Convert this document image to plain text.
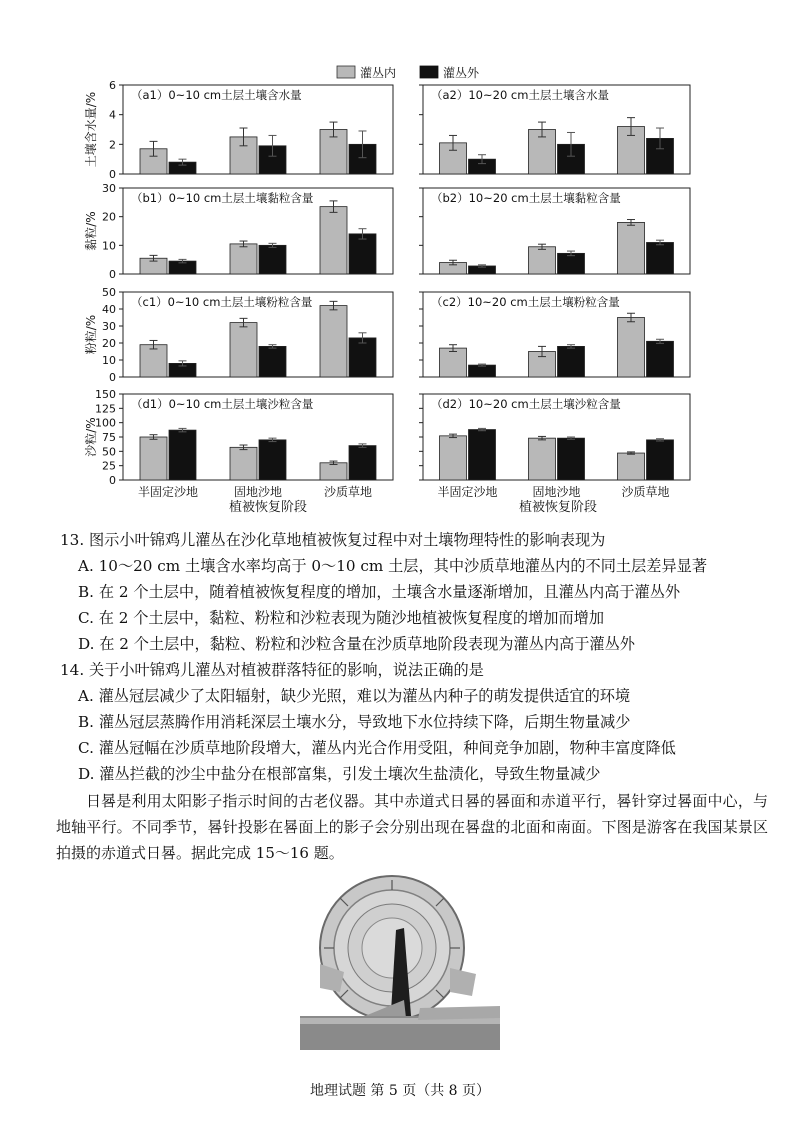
灌丛内	灌丛外
0
2
4
6
（a1）0~10 cm土层土壤含水量
土壤含水量/%	（a2）10~20 cm土层土壤含水量
0
10
20
30
（b1）0~10 cm土层土壤黏粒含量
黏粒/%
（b2）10~20 cm土层土壤黏粒含量
0
10
20
30
40
50
（c1）0~10 cm土层土壤粉粒含量
粉粒/%
（c2）10~20 cm土层土壤粉粒含量
0
25
50
75
100
125
150
（d1）0~10 cm土层土壤沙粒含量
沙粒/%
半固定沙地	固地沙地	沙质草地
（d2）10~20 cm土层土壤沙粒含量
半固定沙地	固地沙地	沙质草地
植被恢复阶段	植被恢复阶段
13. 图示小叶锦鸡儿灌丛在沙化草地植被恢复过程中对土壤物理特性的影响表现为
A. 10～20 cm 土壤含水率均高于 0～10 cm 土层，其中沙质草地灌丛内的不同土层差异显著
B. 在 2 个土层中，随着植被恢复程度的增加，土壤含水量逐渐增加，且灌丛内高于灌丛外
C. 在 2 个土层中，黏粒、粉粒和沙粒表现为随沙地植被恢复程度的增加而增加
D. 在 2 个土层中，黏粒、粉粒和沙粒含量在沙质草地阶段表现为灌丛内高于灌丛外
14. 关于小叶锦鸡儿灌丛对植被群落特征的影响，说法正确的是
A. 灌丛冠层减少了太阳辐射，缺少光照，难以为灌丛内种子的萌发提供适宜的环境
B. 灌丛冠层蒸腾作用消耗深层土壤水分，导致地下水位持续下降，后期生物量减少
C. 灌丛冠幅在沙质草地阶段增大，灌丛内光合作用受阻，种间竞争加剧，物种丰富度降低
D. 灌丛拦截的沙尘中盐分在根部富集，引发土壤次生盐渍化，导致生物量减少
日晷是利用太阳影子指示时间的古老仪器。其中赤道式日晷的晷面和赤道平行，晷针穿过晷面中心，与地轴平行。不同季节，晷针投影在晷面上的影子会分别出现在晷盘的北面和南面。下图是游客在我国某景区拍摄的赤道式日晷。据此完成 15～16 题。
地理试题 第 5 页（共 8 页）
